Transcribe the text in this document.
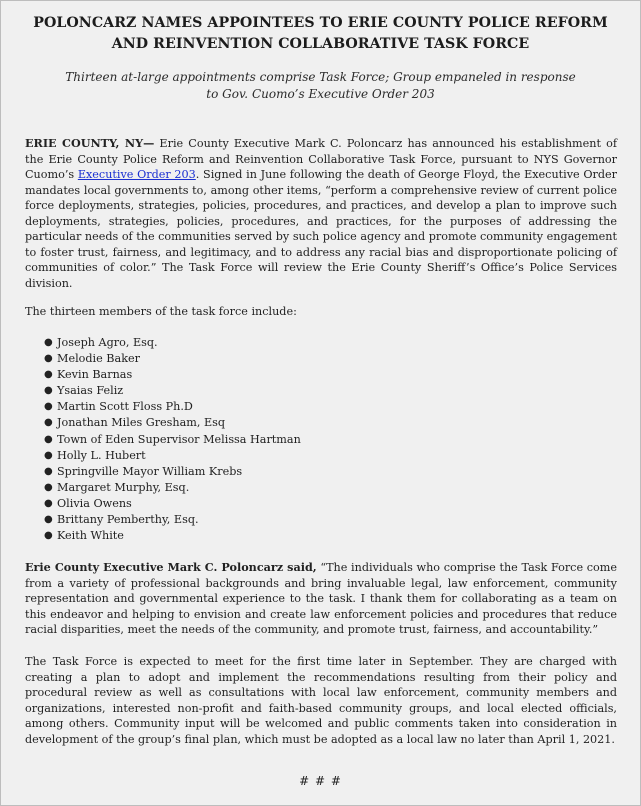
POLONCARZ NAMES APPOINTEES TO ERIE COUNTY POLICE REFORM
AND REINVENTION COLLABORATIVE TASK FORCE
Thirteen at-large appointments comprise Task Force; Group empaneled in response
to Gov. Cuomo’s Executive Order 203

ERIE COUNTY, NY— Erie County Executive Mark C. Poloncarz has announced his establishment of the Erie County Police Reform and Reinvention Collaborative Task Force, pursuant to NYS Governor Cuomo’s Executive Order 203. Signed in June following the death of George Floyd, the Executive Order mandates local governments to, among other items, “perform a comprehensive review of current police force deployments, strategies, policies, procedures, and practices, and develop a plan to improve such deployments, strategies, policies, procedures, and practices, for the purposes of addressing the particular needs of the communities served by such police agency and promote community engagement to foster trust, fairness, and legitimacy, and to address any racial bias and disproportionate policing of communities of color.” The Task Force will review the Erie County Sheriff’s Office’s Police Services division.

The thirteen members of the task force include:

● Joseph Agro, Esq.
● Melodie Baker
● Kevin Barnas
● Ysaias Feliz
● Martin Scott Floss Ph.D
● Jonathan Miles Gresham, Esq
● Town of Eden Supervisor Melissa Hartman
● Holly L. Hubert
● Springville Mayor William Krebs
● Margaret Murphy, Esq.
● Olivia Owens
● Brittany Pemberthy, Esq.
● Keith White

Erie County Executive Mark C. Poloncarz said, “The individuals who comprise the Task Force come from a variety of professional backgrounds and bring invaluable legal, law enforcement, community representation and governmental experience to the task. I thank them for collaborating as a team on this endeavor and helping to envision and create law enforcement policies and procedures that reduce racial disparities, meet the needs of the community, and promote trust, fairness, and accountability.”

The Task Force is expected to meet for the first time later in September. They are charged with creating a plan to adopt and implement the recommendations resulting from their policy and procedural review as well as consultations with local law enforcement, community members and organizations, interested non-profit and faith-based community groups, and local elected officials, among others. Community input will be welcomed and public comments taken into consideration in development of the group’s final plan, which must be adopted as a local law no later than April 1, 2021.

# # #
